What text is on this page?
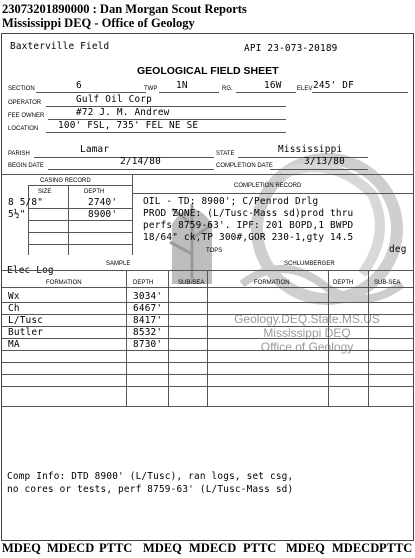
23073201890000 : Dan Morgan Scout Reports
Mississippi DEQ - Office of Geology
Geology.DEQ.State.MS.US
Mississippi DEQ
Office of Geology
Baxterville Field	API 23-073-20189
GEOLOGICAL FIELD SHEET
SECTION	6	TWP 1N	RG.	16W	ELEV 245' DF
OPERATOR	Gulf Oil Corp
FEE OWNER	#72 J. M. Andrew
LOCATION 100' FSL, 735' FEL NE SE
PARISH	Lamar	STATE	Mississippi
BEGIN DATE	2/14/80	COMPLETION DATE	3/13/80
CASING RECORD
COMPLETION RECORD
SIZE	DEPTH
8 5/8"	2740'
5½"	8900'
OIL - TD: 8900'; C/Penrod Drlg
PROD ZONE: (L/Tusc-Mass sd)prod thru
perfs 8759-63'. IPF: 201 BOPD,1 BWPD
18/64" ck,TP 300#,GOR 230-1,gty 14.5
deg
TOPS
Elec Log
SAMPLE	SCHLUMBERGER
FORMATION	DEPTH	SUB-SEA	FORMATION	DEPTH	SUB-SEA
Wx	3034'
Ch	6467'
L/Tusc	8417'
Butler	8532'
MA	8730'
Comp Info: DTD 8900' (L/Tusc), ran logs, set csg,
no cores or tests, perf 8759-63' (L/Tusc-Mass sd)
MDEQ MDECD PTTC MDEQ MDECD PTTC MDEQ MDECD PTTC
